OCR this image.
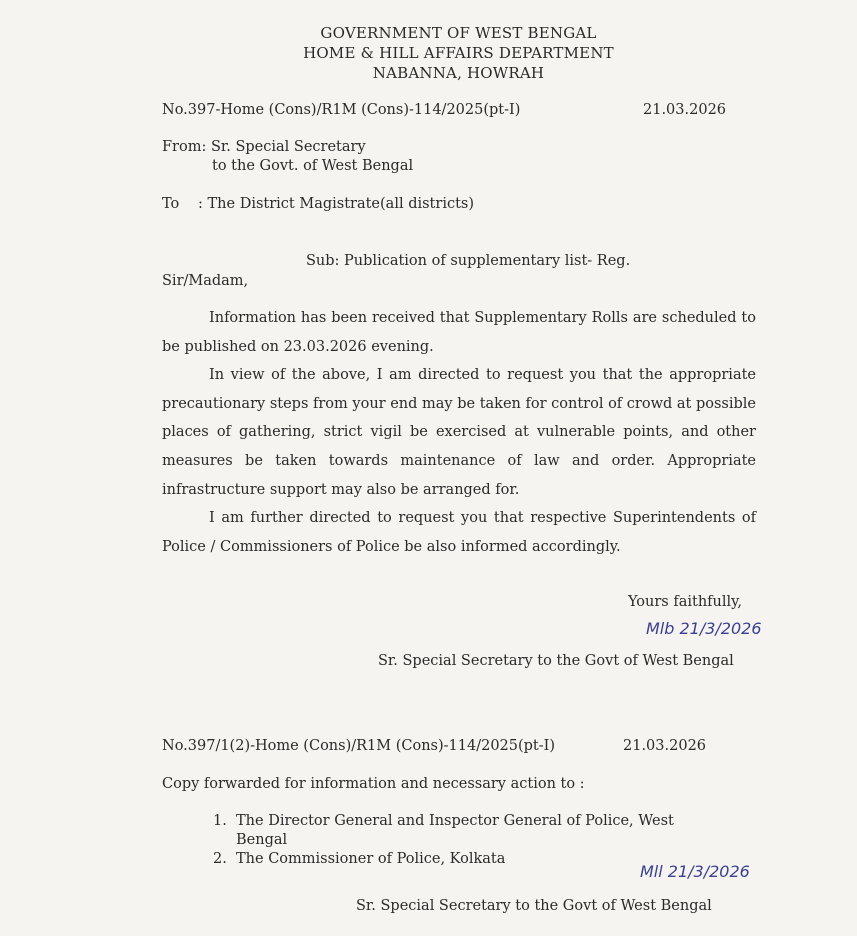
GOVERNMENT OF WEST BENGAL
HOME & HILL AFFAIRS DEPARTMENT
NABANNA, HOWRAH
No.397-Home (Cons)/R1M (Cons)-114/2025(pt-I)	21.03.2026
From: Sr. Special Secretary
to the Govt. of West Bengal
To : The District Magistrate(all districts)
Sub: Publication of supplementary list- Reg.
Sir/Madam,
Information has been received that Supplementary Rolls are scheduled to be published on 23.03.2026 evening.
In view of the above, I am directed to request you that the appropriate precautionary steps from your end may be taken for control of crowd at possible places of gathering, strict vigil be exercised at vulnerable points, and other measures be taken towards maintenance of law and order. Appropriate infrastructure support may also be arranged for.
I am further directed to request you that respective Superintendents of Police / Commissioners of Police be also informed accordingly.
Yours faithfully,
Mlb 21/3/2026
Sr. Special Secretary to the Govt of West Bengal
No.397/1(2)-Home (Cons)/R1M (Cons)-114/2025(pt-I)	21.03.2026
Copy forwarded for information and necessary action to :
1. The Director General and Inspector General of Police, West
Bengal
2. The Commissioner of Police, Kolkata
Mll 21/3/2026
Sr. Special Secretary to the Govt of West Bengal
